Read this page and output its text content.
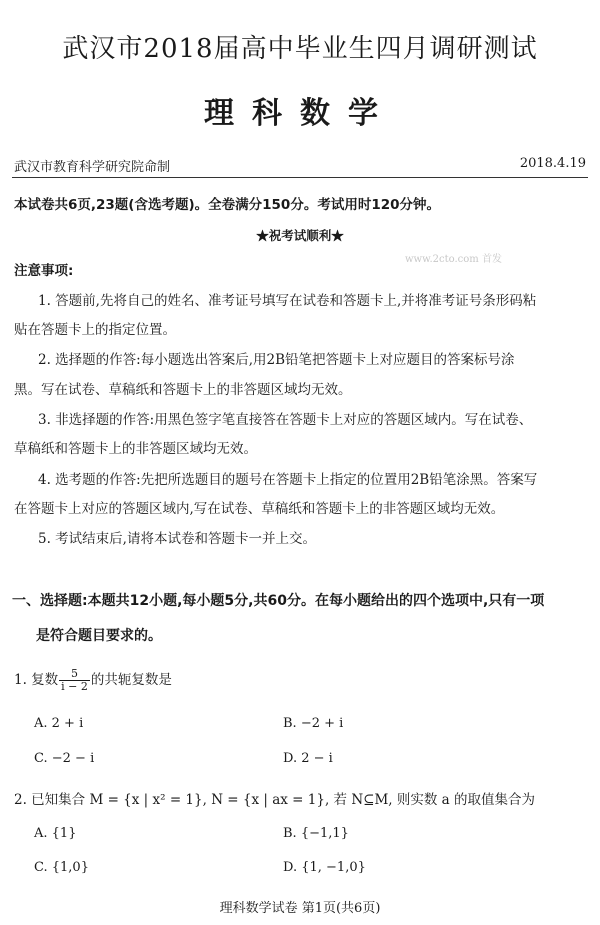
武汉市2018届高中毕业生四月调研测试
理科数学
武汉市教育科学研究院命制	2018.4.19
本试卷共6页,23题(含选考题)。全卷满分150分。考试用时120分钟。
★祝考试顺利★
www.2cto.com 首发
注意事项:
1. 答题前,先将自己的姓名、准考证号填写在试卷和答题卡上,并将准考证号条形码粘
贴在答题卡上的指定位置。
2. 选择题的作答:每小题选出答案后,用2B铅笔把答题卡上对应题目的答案标号涂
黑。写在试卷、草稿纸和答题卡上的非答题区域均无效。
3. 非选择题的作答:用黑色签字笔直接答在答题卡上对应的答题区域内。写在试卷、
草稿纸和答题卡上的非答题区域均无效。
4. 选考题的作答:先把所选题目的题号在答题卡上指定的位置用2B铅笔涂黑。答案写
在答题卡上对应的答题区域内,写在试卷、草稿纸和答题卡上的非答题区域均无效。
5. 考试结束后,请将本试卷和答题卡一并上交。
一、选择题:本题共12小题,每小题5分,共60分。在每小题给出的四个选项中,只有一项
是符合题目要求的。
1. 复数 $\frac{5}{i - 2}$ 的共轭复数是
A. 2 + i	B. −2 + i
C. −2 − i	D. 2 − i
2. 已知集合 M = {x | x² = 1}, N = {x | ax = 1}, 若 N⊆M, 则实数 a 的取值集合为
A. {1}	B. {−1,1}
C. {1,0}	D. {1, −1,0}
理科数学试卷 第1页(共6页)
